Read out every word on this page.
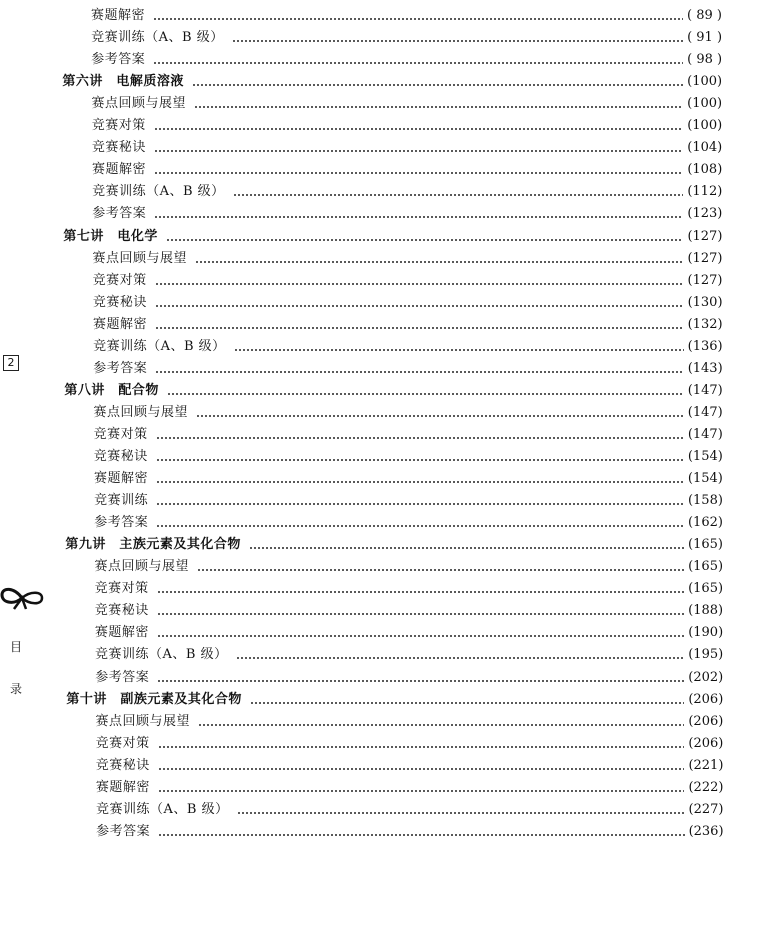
赛题解密	( 89 )
竞赛训练（A、B 级）	( 91 )
参考答案	( 98 )
第六讲　电解质溶液	(100)
赛点回顾与展望	(100)
竞赛对策	(100)
竞赛秘诀	(104)
赛题解密	(108)
竞赛训练（A、B 级）	(112)
参考答案	(123)
第七讲　电化学	(127)
赛点回顾与展望	(127)
竞赛对策	(127)
竞赛秘诀	(130)
赛题解密	(132)
竞赛训练（A、B 级）	(136)
参考答案	(143)
第八讲　配合物	(147)
赛点回顾与展望	(147)
竞赛对策	(147)
竞赛秘诀	(154)
赛题解密	(154)
竞赛训练	(158)
参考答案	(162)
第九讲　主族元素及其化合物	(165)
赛点回顾与展望	(165)
竞赛对策	(165)
竞赛秘诀	(188)
赛题解密	(190)
竞赛训练（A、B 级）	(195)
参考答案	(202)
第十讲　副族元素及其化合物	(206)
赛点回顾与展望	(206)
竞赛对策	(206)
竞赛秘诀	(221)
赛题解密	(222)
竞赛训练（A、B 级）	(227)
参考答案	(236)
2
目
录
